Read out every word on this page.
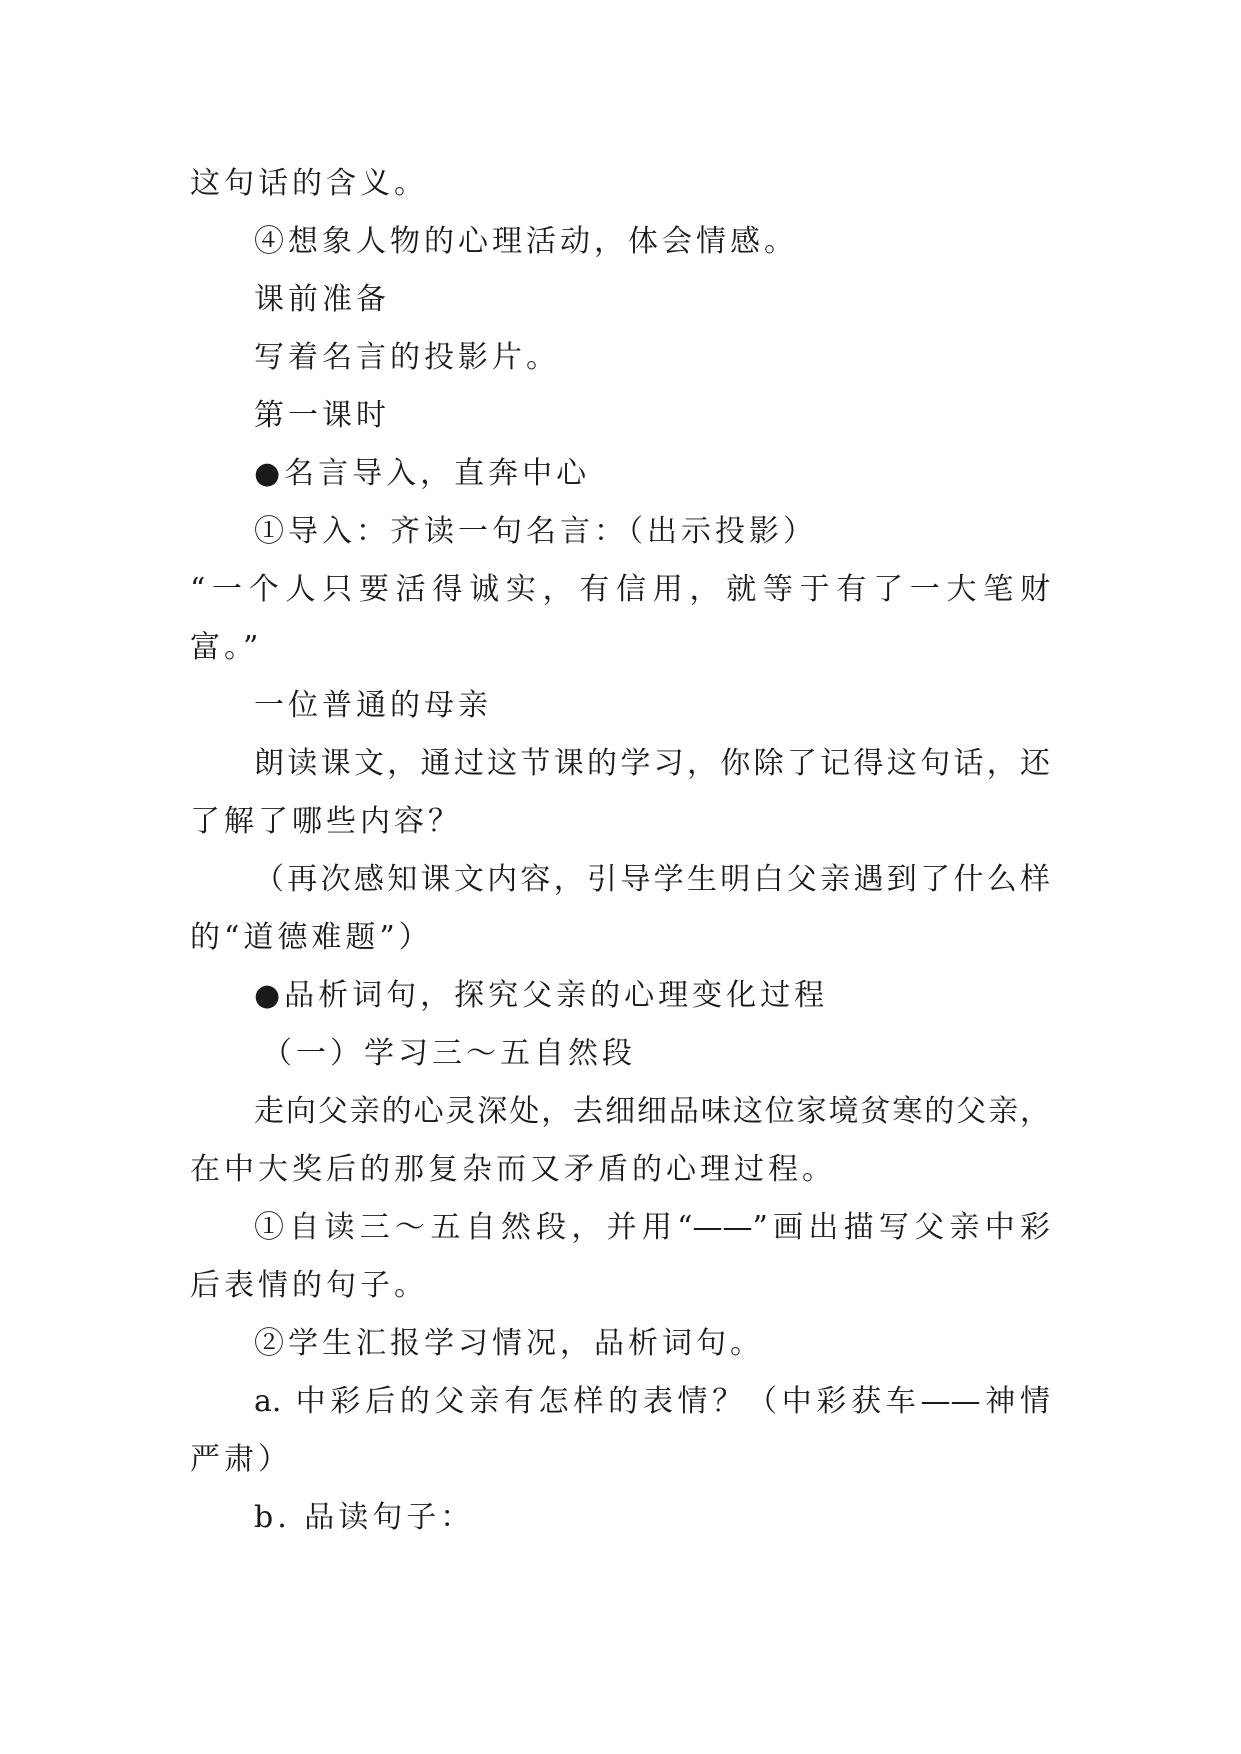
这句话的含义。
④想象人物的心理活动，体会情感。
课前准备
写着名言的投影片。
第一课时
●名言导入，直奔中心
①导入：齐读一句名言：（出示投影）
“一个人只要活得诚实，有信用，就等于有了一大笔财
富。”
一位普通的母亲
朗读课文，通过这节课的学习，你除了记得这句话，还
了解了哪些内容？
（再次感知课文内容，引导学生明白父亲遇到了什么样
的“道德难题”）
●品析词句，探究父亲的心理变化过程
（一）学习三～五自然段
走向父亲的心灵深处，去细细品味这位家境贫寒的父亲，
在中大奖后的那复杂而又矛盾的心理过程。
①自读三～五自然段，并用“——”画出描写父亲中彩
后表情的句子。
②学生汇报学习情况，品析词句。
a. 中彩后的父亲有怎样的表情？（中彩获车——神情
严肃）
b. 品读句子：
